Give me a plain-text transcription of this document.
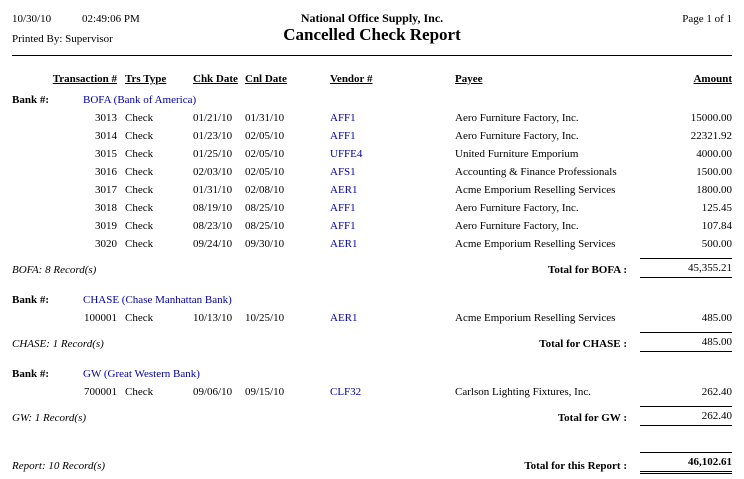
10/30/10	02:49:06 PM	National Office Supply, Inc.	Page 1 of 1
Printed By: Supervisor	Cancelled Check Report
Transaction # Trs Type	Chk Date Cnl Date	Vendor #	Payee	Amount
Bank #:	BOFA (Bank of America)
3013 Check	01/21/10	01/31/10	AFF1	Aero Furniture Factory, Inc.	15000.00
3014 Check	01/23/10	02/05/10	AFF1	Aero Furniture Factory, Inc.	22321.92
3015 Check	01/25/10	02/05/10	UFFE4	United Furniture Emporium	4000.00
3016 Check	02/03/10	02/05/10	AFS1	Accounting & Finance Professionals	1500.00
3017 Check	01/31/10	02/08/10	AER1	Acme Emporium Reselling Services	1800.00
3018 Check	08/19/10	08/25/10	AFF1	Aero Furniture Factory, Inc.	125.45
3019 Check	08/23/10	08/25/10	AFF1	Aero Furniture Factory, Inc.	107.84
3020 Check	09/24/10	09/30/10	AER1	Acme Emporium Reselling Services	500.00
BOFA: 8 Record(s)	Total for BOFA :	45,355.21
Bank #:	CHASE (Chase Manhattan Bank)
100001 Check	10/13/10	10/25/10	AER1	Acme Emporium Reselling Services	485.00
CHASE: 1 Record(s)	Total for CHASE :	485.00
Bank #:	GW (Great Western Bank)
700001 Check	09/06/10	09/15/10	CLF32	Carlson Lighting Fixtures, Inc.	262.40
GW: 1 Record(s)	Total for GW :	262.40
Report: 10 Record(s)	Total for this Report :	46,102.61
